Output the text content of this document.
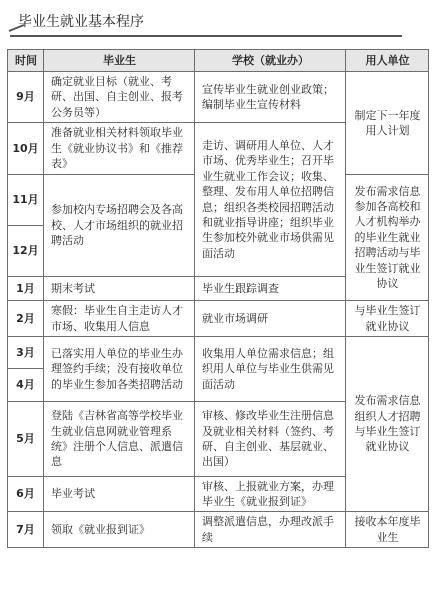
毕业生就业基本程序
时间	毕业生	学校（就业办）	用人单位
9月	确定就业目标（就业、考研、出国、自主创业、报考公务员等）	宣传毕业生就业创业政策；编制毕业生宣传材料	制定下一年度用人计划
10月	准备就业相关材料领取毕业生《就业协议书》和《推荐表》	走访、调研用人单位、人才市场、优秀毕业生；召开毕业生就业工作会议；收集、整理、发布用人单位招聘信息；组织各类校园招聘活动和就业指导讲座；组织毕业生参加校外就业市场供需见面活动	
11月	参加校内专场招聘会及各高校、人才市场组织的就业招聘活动		发布需求信息参加各高校和人才机构举办的毕业生就业招聘活动与毕业生签订就业协议
12月			
1月	期末考试	毕业生跟踪调查	
2月	寒假：毕业生自主走访人才市场、收集用人信息	就业市场调研	与毕业生签订就业协议
3月	已落实用人单位的毕业生办理签约手续；没有接收单位的毕业生参加各类招聘活动	收集用人单位需求信息；组织用人单位与毕业生供需见面活动	发布需求信息组织人才招聘与毕业生签订就业协议
4月			
5月	登陆《吉林省高等学校毕业生就业信息网就业管理系统》注册个人信息、派遣信息	审核、修改毕业生注册信息及就业相关材料（签约、考研、自主创业、基层就业、出国）	
6月	毕业考试	审核、上报就业方案，办理毕业生《就业报到证》	
7月	领取《就业报到证》	调整派遣信息，办理改派手续	接收本年度毕业生
